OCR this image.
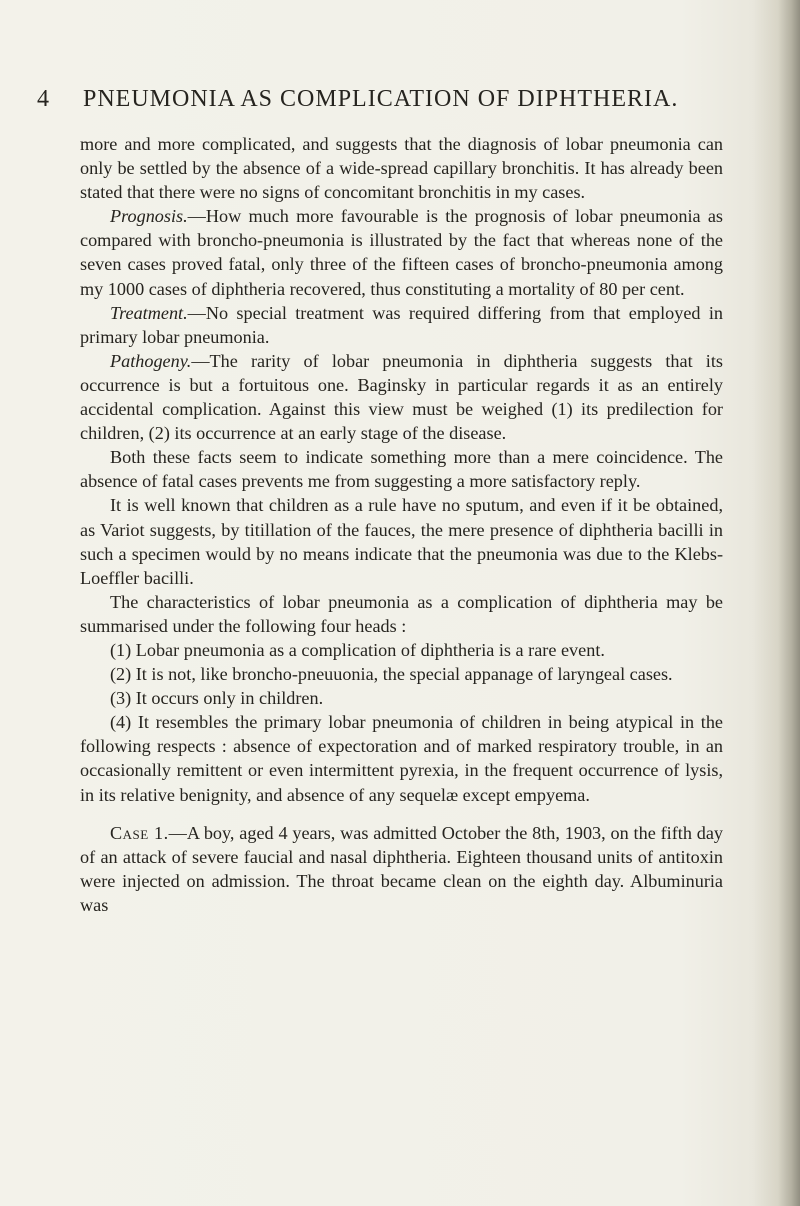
4	PNEUMONIA AS COMPLICATION OF DIPHTHERIA.

more and more complicated, and suggests that the diagnosis of lobar pneumonia can only be settled by the absence of a wide-spread capillary bronchitis. It has already been stated that there were no signs of concomitant bronchitis in my cases.

Prognosis.—How much more favourable is the prognosis of lobar pneumonia as compared with broncho-pneumonia is illustrated by the fact that whereas none of the seven cases proved fatal, only three of the fifteen cases of broncho-pneumonia among my 1000 cases of diphtheria recovered, thus constituting a mortality of 80 per cent.

Treatment.—No special treatment was required differing from that employed in primary lobar pneumonia.

Pathogeny.—The rarity of lobar pneumonia in diphtheria suggests that its occurrence is but a fortuitous one. Baginsky in particular regards it as an entirely accidental complication. Against this view must be weighed (1) its predilection for children, (2) its occurrence at an early stage of the disease.

Both these facts seem to indicate something more than a mere coincidence. The absence of fatal cases prevents me from suggesting a more satisfactory reply.

It is well known that children as a rule have no sputum, and even if it be obtained, as Variot suggests, by titillation of the fauces, the mere presence of diphtheria bacilli in such a specimen would by no means indicate that the pneumonia was due to the Klebs-Loeffler bacilli.

The characteristics of lobar pneumonia as a complication of diphtheria may be summarised under the following four heads :

(1) Lobar pneumonia as a complication of diphtheria is a rare event.

(2) It is not, like broncho-pneuuonia, the special appanage of laryngeal cases.

(3) It occurs only in children.

(4) It resembles the primary lobar pneumonia of children in being atypical in the following respects : absence of expectoration and of marked respiratory trouble, in an occasionally remittent or even intermittent pyrexia, in the frequent occurrence of lysis, in its relative benignity, and absence of any sequelæ except empyema.

Case 1.—A boy, aged 4 years, was admitted October the 8th, 1903, on the fifth day of an attack of severe faucial and nasal diphtheria. Eighteen thousand units of antitoxin were injected on admission. The throat became clean on the eighth day. Albuminuria was
